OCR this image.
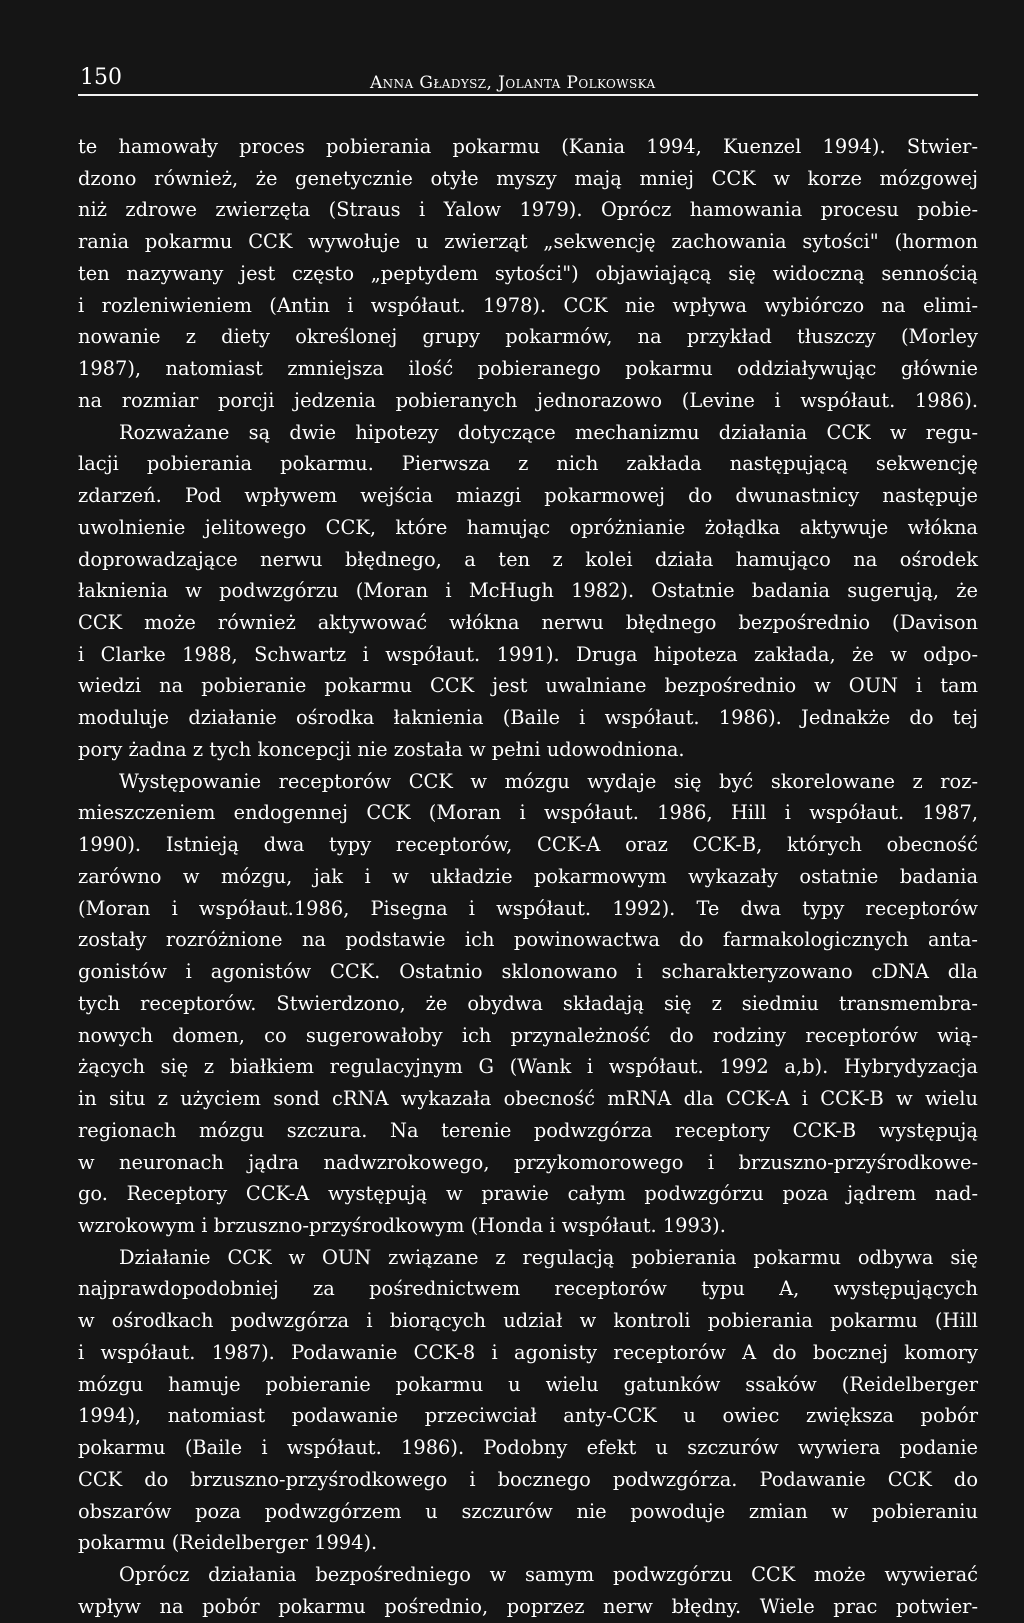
150	Anna Gładysz, Jolanta Polkowska
te hamowały proces pobierania pokarmu (Kania 1994, Kuenzel 1994). Stwier-
dzono również, że genetycznie otyłe myszy mają mniej CCK w korze mózgowej
niż zdrowe zwierzęta (Straus i Yalow 1979). Oprócz hamowania procesu pobie-
rania pokarmu CCK wywołuje u zwierząt „sekwencję zachowania sytości" (hormon
ten nazywany jest często „peptydem sytości") objawiającą się widoczną sennością
i rozleniwieniem (Antin i współaut. 1978). CCK nie wpływa wybiórczo na elimi-
nowanie z diety określonej grupy pokarmów, na przykład tłuszczy (Morley
1987), natomiast zmniejsza ilość pobieranego pokarmu oddziaływując głównie
na rozmiar porcji jedzenia pobieranych jednorazowo (Levine i współaut. 1986).
Rozważane są dwie hipotezy dotyczące mechanizmu działania CCK w regu-
lacji pobierania pokarmu. Pierwsza z nich zakłada następującą sekwencję
zdarzeń. Pod wpływem wejścia miazgi pokarmowej do dwunastnicy następuje
uwolnienie jelitowego CCK, które hamując opróżnianie żołądka aktywuje włókna
doprowadzające nerwu błędnego, a ten z kolei działa hamująco na ośrodek
łaknienia w podwzgórzu (Moran i McHugh 1982). Ostatnie badania sugerują, że
CCK może również aktywować włókna nerwu błędnego bezpośrednio (Davison
i Clarke 1988, Schwartz i współaut. 1991). Druga hipoteza zakłada, że w odpo-
wiedzi na pobieranie pokarmu CCK jest uwalniane bezpośrednio w OUN i tam
moduluje działanie ośrodka łaknienia (Baile i współaut. 1986). Jednakże do tej
pory żadna z tych koncepcji nie została w pełni udowodniona.
Występowanie receptorów CCK w mózgu wydaje się być skorelowane z roz-
mieszczeniem endogennej CCK (Moran i współaut. 1986, Hill i współaut. 1987,
1990). Istnieją dwa typy receptorów, CCK-A oraz CCK-B, których obecność
zarówno w mózgu, jak i w układzie pokarmowym wykazały ostatnie badania
(Moran i współaut.1986, Pisegna i współaut. 1992). Te dwa typy receptorów
zostały rozróżnione na podstawie ich powinowactwa do farmakologicznych anta-
gonistów i agonistów CCK. Ostatnio sklonowano i scharakteryzowano cDNA dla
tych receptorów. Stwierdzono, że obydwa składają się z siedmiu transmembra-
nowych domen, co sugerowałoby ich przynależność do rodziny receptorów wią-
żących się z białkiem regulacyjnym G (Wank i współaut. 1992 a,b). Hybrydyzacja
in situ z użyciem sond cRNA wykazała obecność mRNA dla CCK-A i CCK-B w wielu
regionach mózgu szczura. Na terenie podwzgórza receptory CCK-B występują
w neuronach jądra nadwzrokowego, przykomorowego i brzuszno-przyśrodkowe-
go. Receptory CCK-A występują w prawie całym podwzgórzu poza jądrem nad-
wzrokowym i brzuszno-przyśrodkowym (Honda i współaut. 1993).
Działanie CCK w OUN związane z regulacją pobierania pokarmu odbywa się
najprawdopodobniej za pośrednictwem receptorów typu A, występujących
w ośrodkach podwzgórza i biorących udział w kontroli pobierania pokarmu (Hill
i współaut. 1987). Podawanie CCK-8 i agonisty receptorów A do bocznej komory
mózgu hamuje pobieranie pokarmu u wielu gatunków ssaków (Reidelberger
1994), natomiast podawanie przeciwciał anty-CCK u owiec zwiększa pobór
pokarmu (Baile i współaut. 1986). Podobny efekt u szczurów wywiera podanie
CCK do brzuszno-przyśrodkowego i bocznego podwzgórza. Podawanie CCK do
obszarów poza podwzgórzem u szczurów nie powoduje zmian w pobieraniu
pokarmu (Reidelberger 1994).
Oprócz działania bezpośredniego w samym podwzgórzu CCK może wywierać
wpływ na pobór pokarmu pośrednio, poprzez nerw błędny. Wiele prac potwier-
